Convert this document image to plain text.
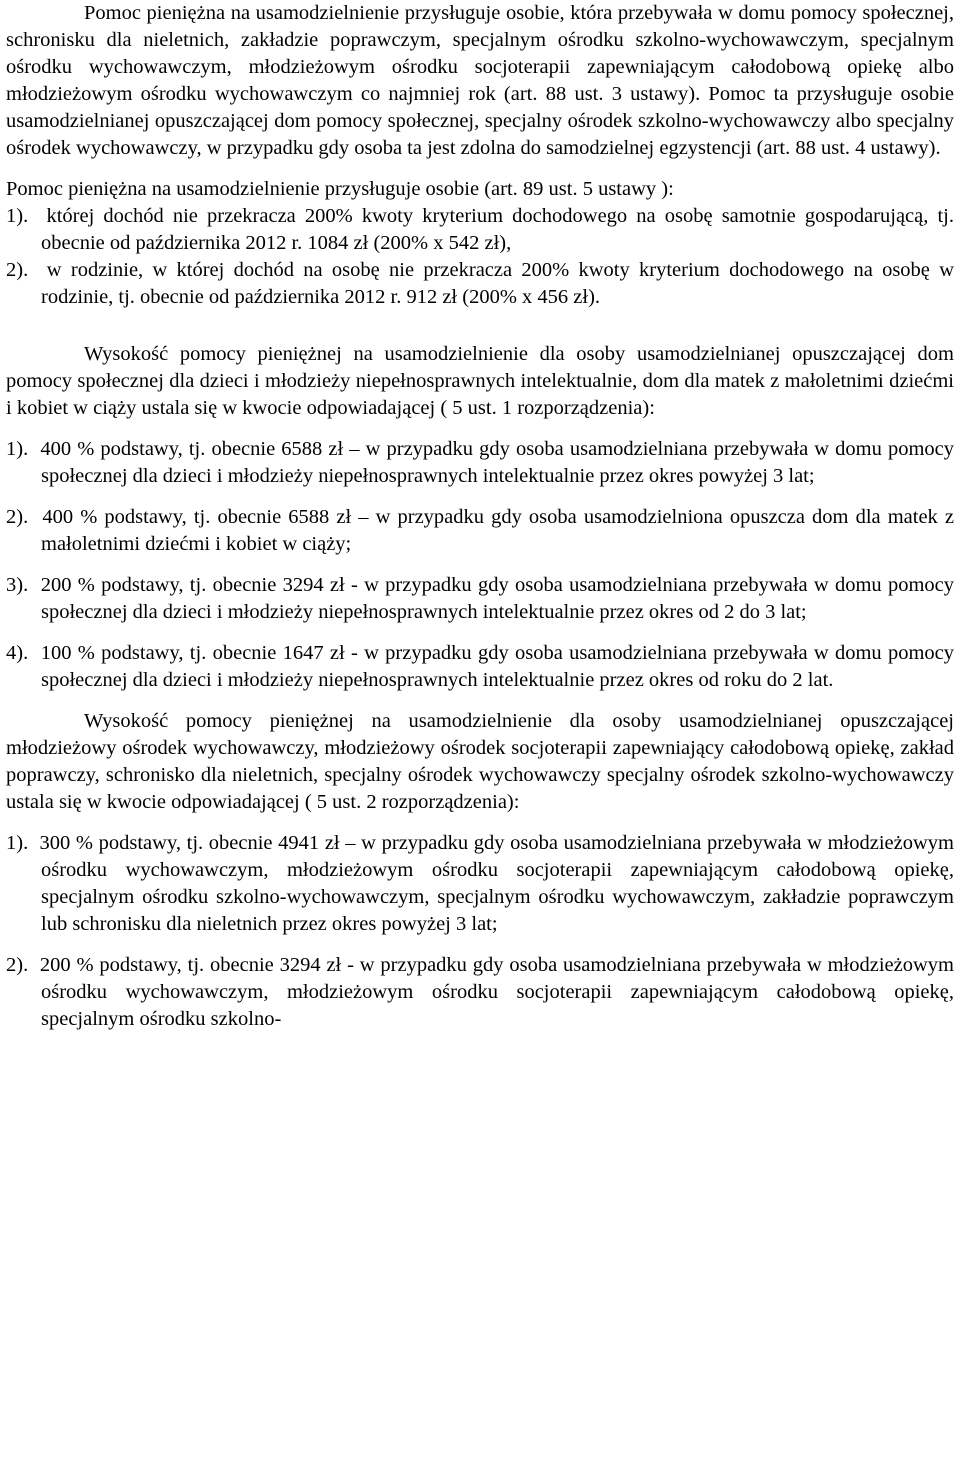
Pomoc pieniężna na usamodzielnienie przysługuje osobie, która przebywała w domu pomocy społecznej, schronisku dla nieletnich, zakładzie poprawczym, specjalnym ośrodku szkolno-wychowawczym, specjalnym ośrodku wychowawczym, młodzieżowym ośrodku socjoterapii zapewniającym całodobową opiekę albo młodzieżowym ośrodku wychowawczym co najmniej rok (art. 88 ust. 3 ustawy). Pomoc ta przysługuje osobie usamodzielnianej opuszczającej dom pomocy społecznej, specjalny ośrodek szkolno-wychowawczy albo specjalny ośrodek wychowawczy, w przypadku gdy osoba ta jest zdolna do samodzielnej egzystencji (art. 88 ust. 4 ustawy).

Pomoc pieniężna na usamodzielnienie przysługuje osobie (art. 89 ust. 5 ustawy ):

1). której dochód nie przekracza 200% kwoty kryterium dochodowego na osobę samotnie gospodarującą, tj. obecnie od października 2012 r. 1084 zł (200% x 542 zł),

2). w rodzinie, w której dochód na osobę nie przekracza 200% kwoty kryterium dochodowego na osobę w rodzinie, tj. obecnie od października 2012 r. 912 zł (200% x 456 zł).

Wysokość pomocy pieniężnej na usamodzielnienie dla osoby usamodzielnianej opuszczającej dom pomocy społecznej dla dzieci i młodzieży niepełnosprawnych intelektualnie, dom dla matek z małoletnimi dziećmi i kobiet w ciąży ustala się w kwocie odpowiadającej ( 5 ust. 1 rozporządzenia):

1). 400 % podstawy, tj. obecnie 6588 zł – w przypadku gdy osoba usamodzielniana przebywała w domu pomocy społecznej dla dzieci i młodzieży niepełnosprawnych intelektualnie przez okres powyżej 3 lat;

2). 400 % podstawy, tj. obecnie 6588 zł – w przypadku gdy osoba usamodzielniona opuszcza dom dla matek z małoletnimi dziećmi i kobiet w ciąży;

3). 200 % podstawy, tj. obecnie 3294 zł - w przypadku gdy osoba usamodzielniana przebywała w domu pomocy społecznej dla dzieci i młodzieży niepełnosprawnych intelektualnie przez okres od 2 do 3 lat;

4). 100 % podstawy, tj. obecnie 1647 zł - w przypadku gdy osoba usamodzielniana przebywała w domu pomocy społecznej dla dzieci i młodzieży niepełnosprawnych intelektualnie przez okres od roku do 2 lat.

Wysokość pomocy pieniężnej na usamodzielnienie dla osoby usamodzielnianej opuszczającej młodzieżowy ośrodek wychowawczy, młodzieżowy ośrodek socjoterapii zapewniający całodobową opiekę, zakład poprawczy, schronisko dla nieletnich, specjalny ośrodek wychowawczy specjalny ośrodek szkolno-wychowawczy ustala się w kwocie odpowiadającej ( 5 ust. 2 rozporządzenia):

1). 300 % podstawy, tj. obecnie 4941 zł – w przypadku gdy osoba usamodzielniana przebywała w młodzieżowym ośrodku wychowawczym, młodzieżowym ośrodku socjoterapii zapewniającym całodobową opiekę, specjalnym ośrodku szkolno-wychowawczym, specjalnym ośrodku wychowawczym, zakładzie poprawczym lub schronisku dla nieletnich przez okres powyżej 3 lat;

2). 200 % podstawy, tj. obecnie 3294 zł - w przypadku gdy osoba usamodzielniana przebywała w młodzieżowym ośrodku wychowawczym, młodzieżowym ośrodku socjoterapii zapewniającym całodobową opiekę, specjalnym ośrodku szkolno-
